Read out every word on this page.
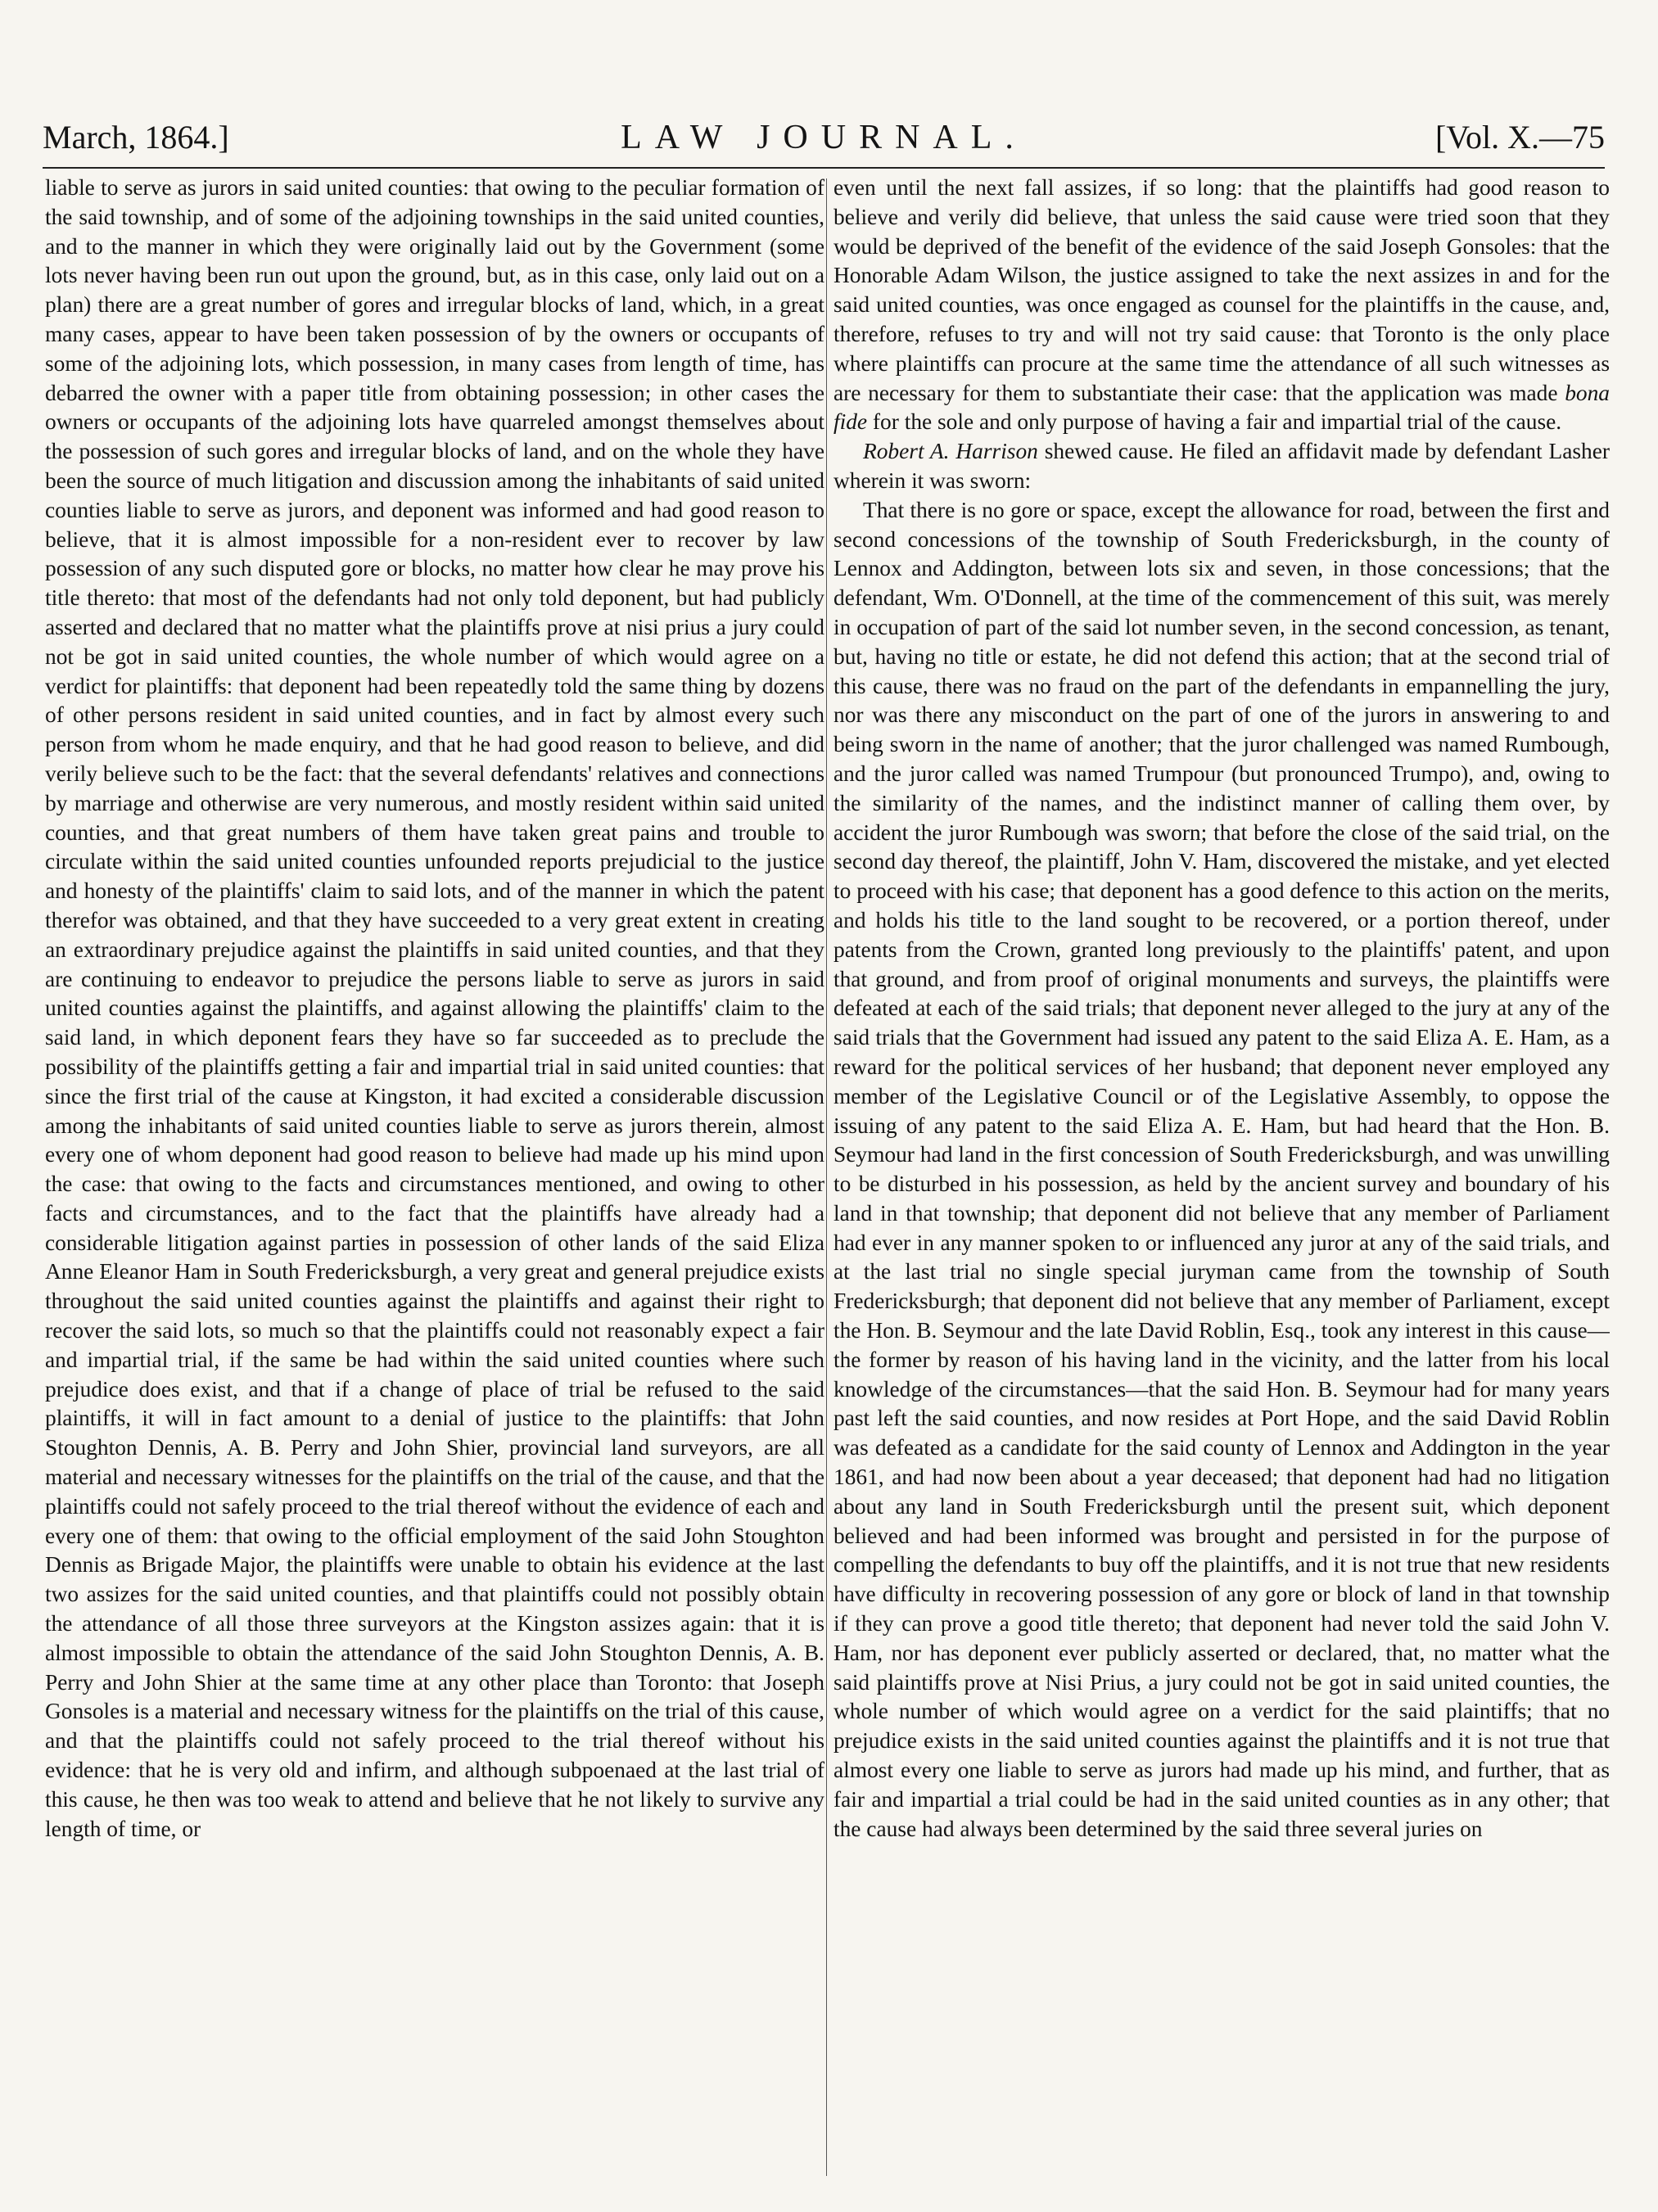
March, 1864.]	LAW JOURNAL.	[Vol. X.—75

liable to serve as jurors in said united counties: that owing to the peculiar formation of the said township, and of some of the adjoining townships in the said united counties, and to the manner in which they were originally laid out by the Government (some lots never having been run out upon the ground, but, as in this case, only laid out on a plan) there are a great number of gores and irregular blocks of land, which, in a great many cases, appear to have been taken possession of by the owners or occupants of some of the adjoining lots, which possession, in many cases from length of time, has debarred the owner with a paper title from obtaining possession; in other cases the owners or occupants of the adjoining lots have quarreled amongst themselves about the possession of such gores and irregular blocks of land, and on the whole they have been the source of much litigation and discussion among the inhabitants of said united counties liable to serve as jurors, and deponent was informed and had good reason to believe, that it is almost impossible for a non-resident ever to recover by law possession of any such disputed gore or blocks, no matter how clear he may prove his title thereto: that most of the defendants had not only told deponent, but had publicly asserted and declared that no matter what the plaintiffs prove at nisi prius a jury could not be got in said united counties, the whole number of which would agree on a verdict for plaintiffs: that deponent had been repeatedly told the same thing by dozens of other persons resident in said united counties, and in fact by almost every such person from whom he made enquiry, and that he had good reason to believe, and did verily believe such to be the fact: that the several defendants' relatives and connections by marriage and otherwise are very numerous, and mostly resident within said united counties, and that great numbers of them have taken great pains and trouble to circulate within the said united counties unfounded reports prejudicial to the justice and honesty of the plaintiffs' claim to said lots, and of the manner in which the patent therefor was obtained, and that they have succeeded to a very great extent in creating an extraordinary prejudice against the plaintiffs in said united counties, and that they are continuing to endeavor to prejudice the persons liable to serve as jurors in said united counties against the plaintiffs, and against allowing the plaintiffs' claim to the said land, in which deponent fears they have so far succeeded as to preclude the possibility of the plaintiffs getting a fair and impartial trial in said united counties: that since the first trial of the cause at Kingston, it had excited a considerable discussion among the inhabitants of said united counties liable to serve as jurors therein, almost every one of whom deponent had good reason to believe had made up his mind upon the case: that owing to the facts and circumstances mentioned, and owing to other facts and circumstances, and to the fact that the plaintiffs have already had a considerable litigation against parties in possession of other lands of the said Eliza Anne Eleanor Ham in South Fredericksburgh, a very great and general prejudice exists throughout the said united counties against the plaintiffs and against their right to recover the said lots, so much so that the plaintiffs could not reasonably expect a fair and impartial trial, if the same be had within the said united counties where such prejudice does exist, and that if a change of place of trial be refused to the said plaintiffs, it will in fact amount to a denial of justice to the plaintiffs: that John Stoughton Dennis, A. B. Perry and John Shier, provincial land surveyors, are all material and necessary witnesses for the plaintiffs on the trial of the cause, and that the plaintiffs could not safely proceed to the trial thereof without the evidence of each and every one of them: that owing to the official employment of the said John Stoughton Dennis as Brigade Major, the plaintiffs were unable to obtain his evidence at the last two assizes for the said united counties, and that plaintiffs could not possibly obtain the attendance of all those three surveyors at the Kingston assizes again: that it is almost impossible to obtain the attendance of the said John Stoughton Dennis, A. B. Perry and John Shier at the same time at any other place than Toronto: that Joseph Gonsoles is a material and necessary witness for the plaintiffs on the trial of this cause, and that the plaintiffs could not safely proceed to the trial thereof without his evidence: that he is very old and infirm, and although subpoenaed at the last trial of this cause, he then was too weak to attend and believe that he not likely to survive any length of time, or

even until the next fall assizes, if so long: that the plaintiffs had good reason to believe and verily did believe, that unless the said cause were tried soon that they would be deprived of the benefit of the evidence of the said Joseph Gonsoles: that the Honorable Adam Wilson, the justice assigned to take the next assizes in and for the said united counties, was once engaged as counsel for the plaintiffs in the cause, and, therefore, refuses to try and will not try said cause: that Toronto is the only place where plaintiffs can procure at the same time the attendance of all such witnesses as are necessary for them to substantiate their case: that the application was made bona fide for the sole and only purpose of having a fair and impartial trial of the cause.

Robert A. Harrison shewed cause. He filed an affidavit made by defendant Lasher wherein it was sworn:

That there is no gore or space, except the allowance for road, between the first and second concessions of the township of South Fredericksburgh, in the county of Lennox and Addington, between lots six and seven, in those concessions; that the defendant, Wm. O'Donnell, at the time of the commencement of this suit, was merely in occupation of part of the said lot number seven, in the second concession, as tenant, but, having no title or estate, he did not defend this action; that at the second trial of this cause, there was no fraud on the part of the defendants in empannelling the jury, nor was there any misconduct on the part of one of the jurors in answering to and being sworn in the name of another; that the juror challenged was named Rumbough, and the juror called was named Trumpour (but pronounced Trumpo), and, owing to the similarity of the names, and the indistinct manner of calling them over, by accident the juror Rumbough was sworn; that before the close of the said trial, on the second day thereof, the plaintiff, John V. Ham, discovered the mistake, and yet elected to proceed with his case; that deponent has a good defence to this action on the merits, and holds his title to the land sought to be recovered, or a portion thereof, under patents from the Crown, granted long previously to the plaintiffs' patent, and upon that ground, and from proof of original monuments and surveys, the plaintiffs were defeated at each of the said trials; that deponent never alleged to the jury at any of the said trials that the Government had issued any patent to the said Eliza A. E. Ham, as a reward for the political services of her husband; that deponent never employed any member of the Legislative Council or of the Legislative Assembly, to oppose the issuing of any patent to the said Eliza A. E. Ham, but had heard that the Hon. B. Seymour had land in the first concession of South Fredericksburgh, and was unwilling to be disturbed in his possession, as held by the ancient survey and boundary of his land in that township; that deponent did not believe that any member of Parliament had ever in any manner spoken to or influenced any juror at any of the said trials, and at the last trial no single special juryman came from the township of South Fredericksburgh; that deponent did not believe that any member of Parliament, except the Hon. B. Seymour and the late David Roblin, Esq., took any interest in this cause—the former by reason of his having land in the vicinity, and the latter from his local knowledge of the circumstances—that the said Hon. B. Seymour had for many years past left the said counties, and now resides at Port Hope, and the said David Roblin was defeated as a candidate for the said county of Lennox and Addington in the year 1861, and had now been about a year deceased; that deponent had had no litigation about any land in South Fredericksburgh until the present suit, which deponent believed and had been informed was brought and persisted in for the purpose of compelling the defendants to buy off the plaintiffs, and it is not true that new residents have difficulty in recovering possession of any gore or block of land in that township if they can prove a good title thereto; that deponent had never told the said John V. Ham, nor has deponent ever publicly asserted or declared, that, no matter what the said plaintiffs prove at Nisi Prius, a jury could not be got in said united counties, the whole number of which would agree on a verdict for the said plaintiffs; that no prejudice exists in the said united counties against the plaintiffs and it is not true that almost every one liable to serve as jurors had made up his mind, and further, that as fair and impartial a trial could be had in the said united counties as in any other; that the cause had always been determined by the said three several juries on
